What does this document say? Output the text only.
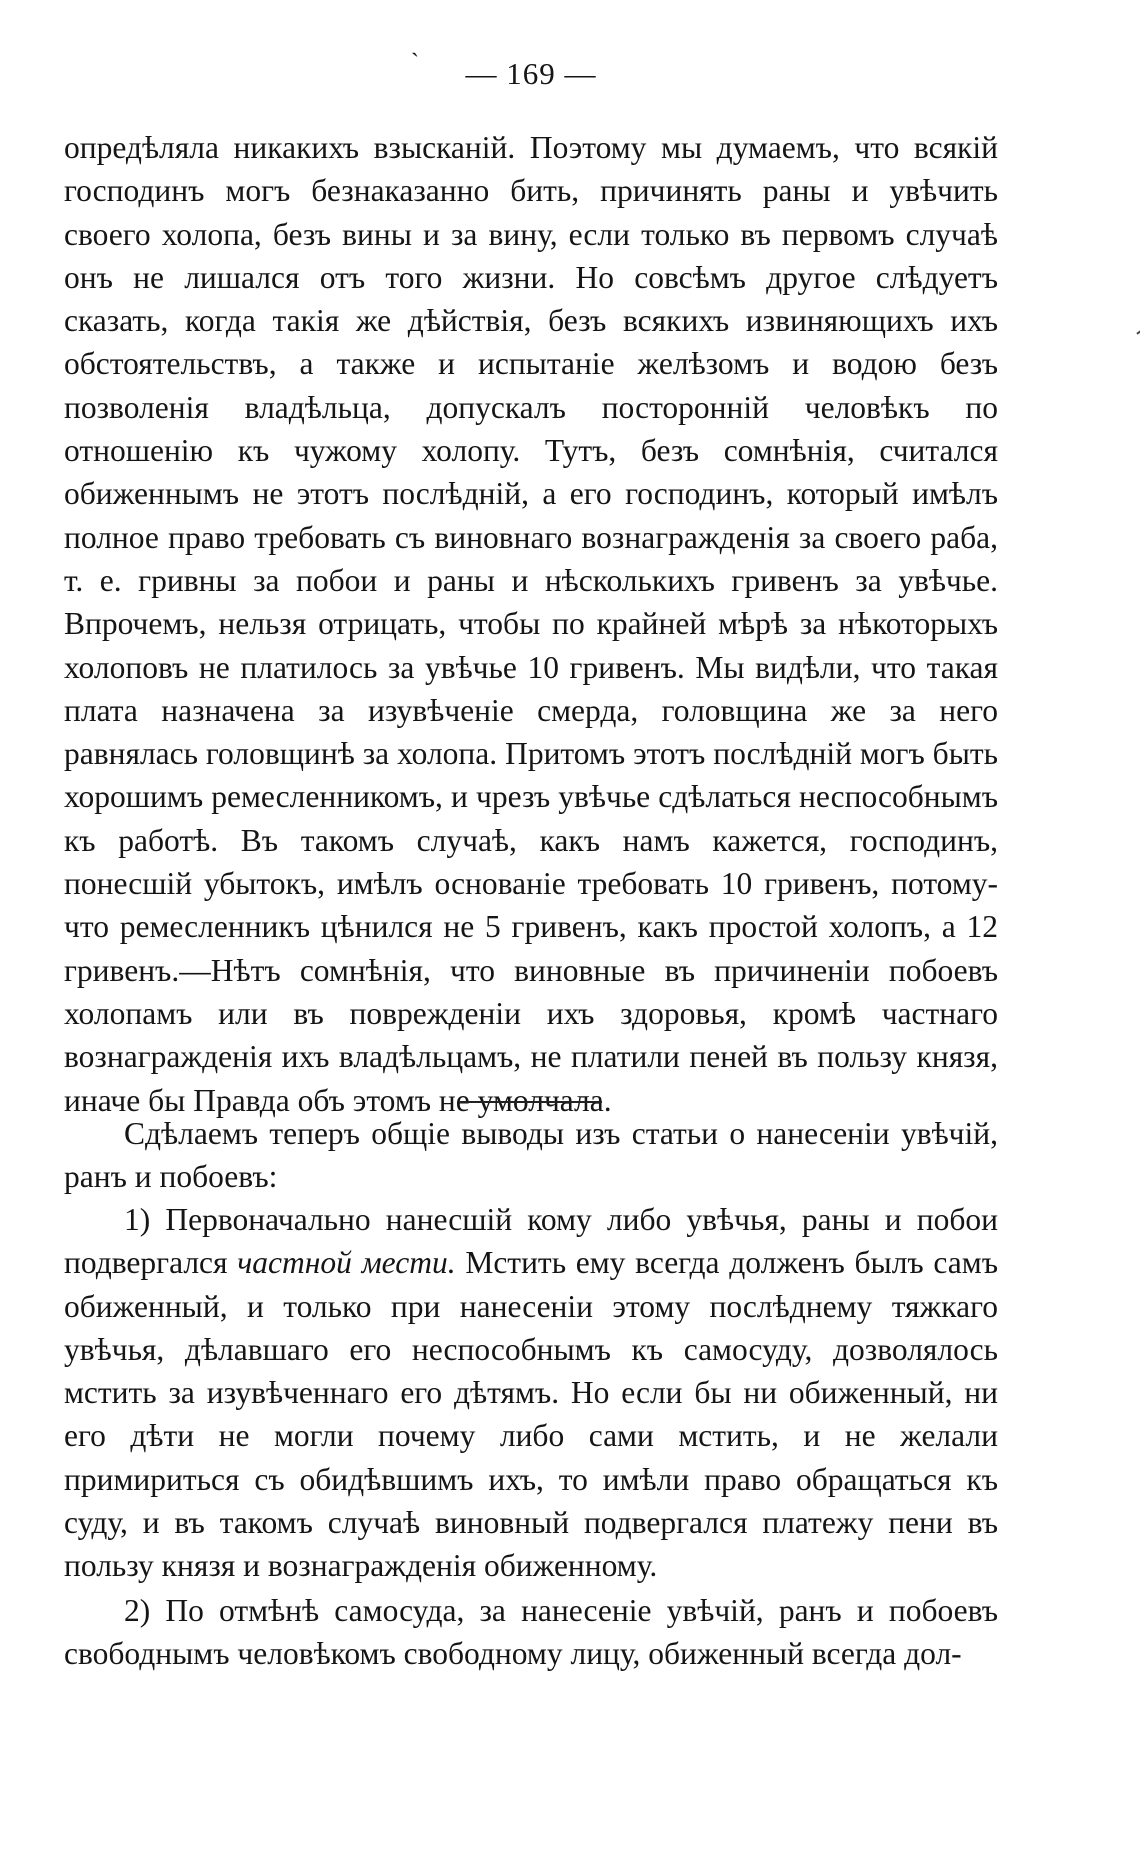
`	— 169 —

опредѣляла никакихъ взысканій. Поэтому мы думаемъ, что всякій господинъ могъ безнаказанно бить, причинять раны и увѣчить своего холопа, безъ вины и за вину, если только въ первомъ случаѣ онъ не лишался отъ того жизни. Но совсѣмъ другое слѣдуетъ сказать, когда такія же дѣйствія, безъ всякихъ извиняющихъ ихъ обстоятельствъ, а также и испытаніе желѣзомъ и водою безъ позволенія владѣльца, допускалъ посторонній человѣкъ по отношенію къ чужому холопу. Тутъ, безъ сомнѣнія, считался обиженнымъ не этотъ послѣдній, а его господинъ, который имѣлъ полное право требовать съ виновнаго вознагражденія за своего раба, т. е. гривны за побои и раны и нѣсколькихъ гривенъ за увѣчье. Впрочемъ, нельзя отрицать, чтобы по крайней мѣрѣ за нѣкоторыхъ холоповъ не платилось за увѣчье 10 гривенъ. Мы видѣли, что такая плата назначена за изувѣченіе смерда, головщина же за него равнялась головщинѣ за холопа. Притомъ этотъ послѣдній могъ быть хорошимъ ремесленникомъ, и чрезъ увѣчье сдѣлаться неспособнымъ къ работѣ. Въ такомъ случаѣ, какъ намъ кажется, господинъ, понесшій убытокъ, имѣлъ основаніе требовать 10 гривенъ, потому-что ремесленникъ цѣнился не 5 гривенъ, какъ простой холопъ, а 12 гривенъ.—Нѣтъ сомнѣнія, что виновные въ причиненіи побоевъ холопамъ или въ поврежденіи ихъ здоровья, кромѣ частнаго вознагражденія ихъ владѣльцамъ, не платили пеней въ пользу князя, иначе бы Правда объ этомъ не умолчала.

Сдѣлаемъ теперъ общіе выводы изъ статьи о нанесеніи увѣчій, ранъ и побоевъ:

1) Первоначально нанесшій кому либо увѣчья, раны и побои подвергался частной мести. Мстить ему всегда долженъ былъ самъ обиженный, и только при нанесеніи этому послѣднему тяжкаго увѣчья, дѣлавшаго его неспособнымъ къ самосуду, дозволялось мстить за изувѣченнаго его дѣтямъ. Но если бы ни обиженный, ни его дѣти не могли почему либо сами мстить, и не желали примириться съ обидѣвшимъ ихъ, то имѣли право обращаться къ суду, и въ такомъ случаѣ виновный подвергался платежу пени въ пользу князя и вознагражденія обиженному.

2) По отмѣнѣ самосуда, за нанесеніе увѣчій, ранъ и побоевъ свободнымъ человѣкомъ свободному лицу, обиженный всегда дол-
